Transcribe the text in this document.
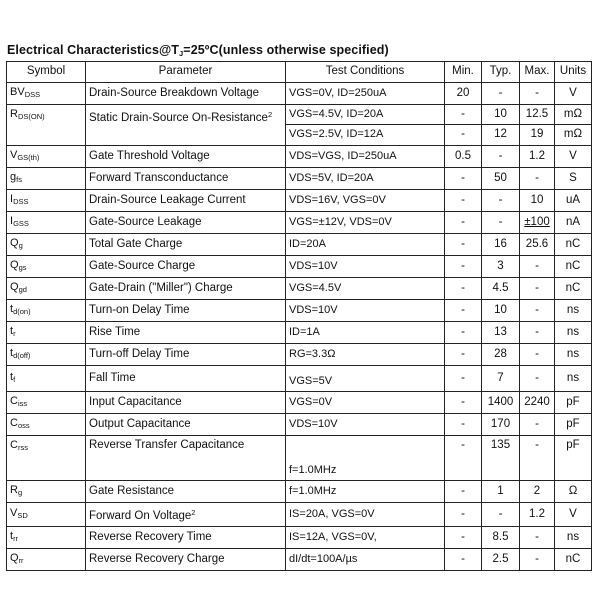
Electrical $Characteristics@T_J=25ºC(unless$ otherwise specified)
Symbol	Parameter	Test Conditions	Min.	Typ.	Max.	Units
$BV_{DSS}$	Drain-Source Breakdown Voltage	VGS=0V, ID=250uA	20	-	-	V
$R_{DS(ON)}$	Static Drain-Source On-Resistance$^2$	VGS=4.5V, ID=20A	-	10	12.5	mΩ
		VGS=2.5V, ID=12A	-	12	19	mΩ
$V_{GS(th)}$	Gate Threshold Voltage	VDS=VGS, ID=250uA	0.5	-	1.2	V
$g_{fs}$	Forward Transconductance	VDS=5V, ID=20A	-	50	-	S
$I_{DSS}$	Drain-Source Leakage Current	VDS=16V, VGS=0V	-	-	10	uA
$I_{GSS}$	Gate-Source Leakage	VGS=±12V, VDS=0V	-	-	±100	nA
$Q_g$	Total Gate Charge	ID=20A	-	16	25.6	nC
$Q_{gs}$	Gate-Source Charge	VDS=10V	-	3	-	nC
$Q_{gd}$	Gate-Drain ("Miller") Charge	VGS=4.5V	-	4.5	-	nC
$t_{d(on)}$	Turn-on Delay Time	VDS=10V	-	10	-	ns
$t_r$	Rise Time	ID=1A	-	13	-	ns
$t_{d(off)}$	Turn-off Delay Time	RG=3.3Ω	-	28	-	ns
$t_f$	Fall Time	VGS=5V	-	7	-	ns
$C_{iss}$	Input Capacitance	VGS=0V	-	1400	2240	pF
$C_{oss}$	Output Capacitance	VDS=10V	-	170	-	pF
$C_{rss}$	Reverse Transfer Capacitance	f=1.0MHz	-	135	-	pF
$R_g$	Gate Resistance	f=1.0MHz	-	1	2	Ω
$V_{SD}$	Forward On Voltage$^2$	IS=20A, VGS=0V	-	-	1.2	V
$t_{rr}$	Reverse Recovery Time	IS=12A, VGS=0V,	-	8.5	-	ns
$Q_{rr}$	Reverse Recovery Charge	dI/dt=100A/µs	-	2.5	-	nC
